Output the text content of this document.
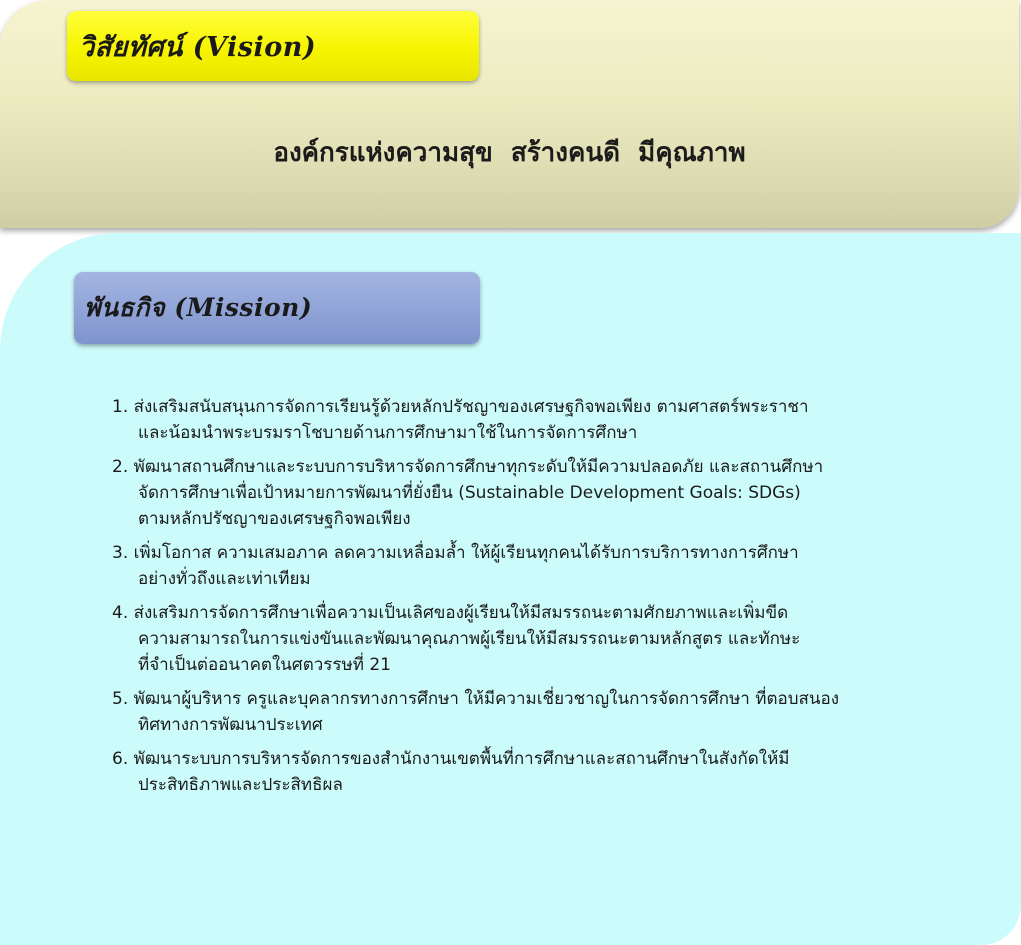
วิสัยทัศน์ (Vision)
องค์กรแห่งความสุข  สร้างคนดี  มีคุณภาพ
พันธกิจ (Mission)
1. ส่งเสริมสนับสนุนการจัดการเรียนรู้ด้วยหลักปรัชญาของเศรษฐกิจพอเพียง ตามศาสตร์พระราชา
และน้อมนำพระบรมราโชบายด้านการศึกษามาใช้ในการจัดการศึกษา
2. พัฒนาสถานศึกษาและระบบการบริหารจัดการศึกษาทุกระดับให้มีความปลอดภัย และสถานศึกษา
จัดการศึกษาเพื่อเป้าหมายการพัฒนาที่ยั่งยืน (Sustainable Development Goals: SDGs)
ตามหลักปรัชญาของเศรษฐกิจพอเพียง
3. เพิ่มโอกาส ความเสมอภาค ลดความเหลื่อมล้ำ ให้ผู้เรียนทุกคนได้รับการบริการทางการศึกษา
อย่างทั่วถึงและเท่าเทียม
4. ส่งเสริมการจัดการศึกษาเพื่อความเป็นเลิศของผู้เรียนให้มีสมรรถนะตามศักยภาพและเพิ่มขีด
ความสามารถในการแข่งขันและพัฒนาคุณภาพผู้เรียนให้มีสมรรถนะตามหลักสูตร และทักษะ
ที่จำเป็นต่ออนาคตในศตวรรษที่ 21
5. พัฒนาผู้บริหาร ครูและบุคลากรทางการศึกษา ให้มีความเชี่ยวชาญในการจัดการศึกษา ที่ตอบสนอง
ทิศทางการพัฒนาประเทศ
6. พัฒนาระบบการบริหารจัดการของสำนักงานเขตพื้นที่การศึกษาและสถานศึกษาในสังกัดให้มี
ประสิทธิภาพและประสิทธิผล
